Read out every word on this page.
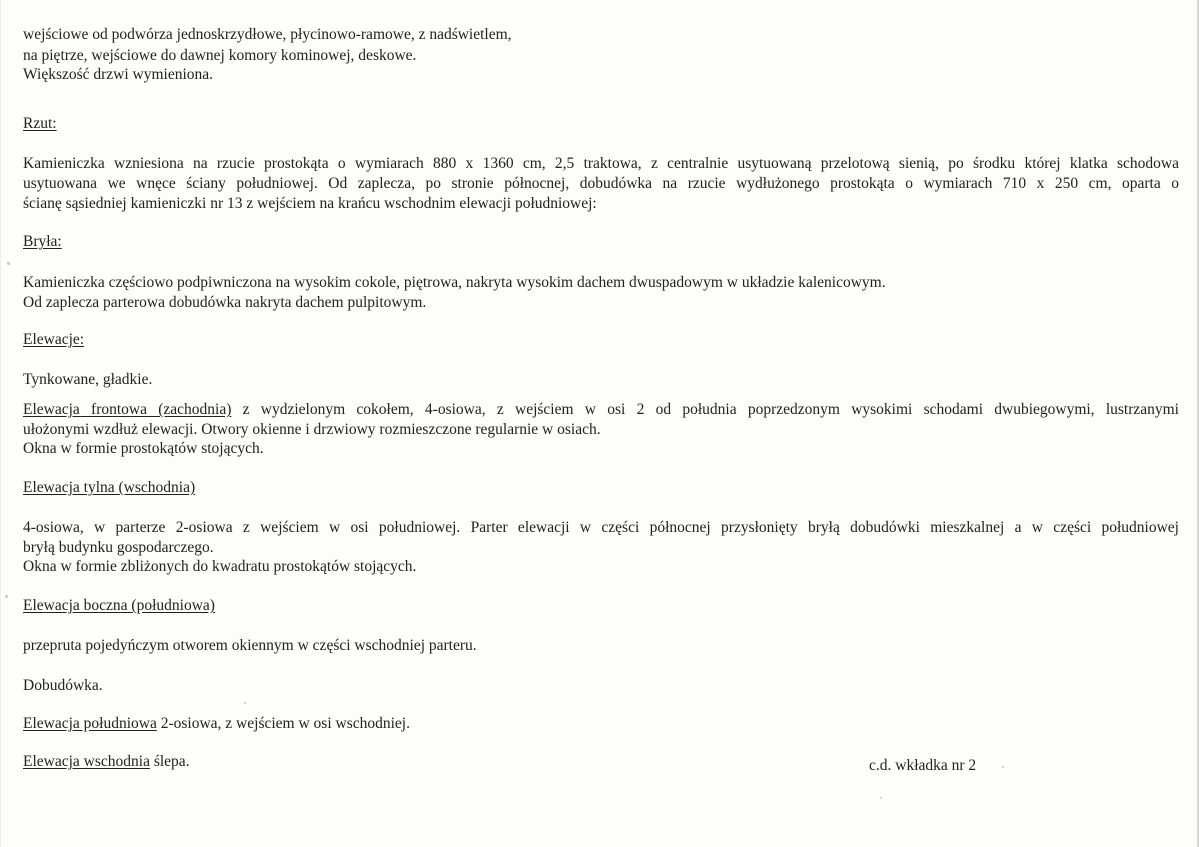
wejściowe od podwórza jednoskrzydłowe, płycinowo-ramowe, z nadświetlem,
na piętrze, wejściowe do dawnej komory kominowej, deskowe.
Większość drzwi wymieniona.
Rzut:
Kamieniczka wzniesiona na rzucie prostokąta o wymiarach 880 x 1360 cm, 2,5 traktowa, z centralnie usytuowaną przelotową sienią, po środku której klatka schodowa
usytuowana we wnęce ściany południowej. Od zaplecza, po stronie północnej, dobudówka na rzucie wydłużonego prostokąta o wymiarach 710 x 250 cm, oparta o
ścianę sąsiedniej kamieniczki nr 13 z wejściem na krańcu wschodnim elewacji południowej:
Bryła:
Kamieniczka częściowo podpiwniczona na wysokim cokole, piętrowa, nakryta wysokim dachem dwuspadowym w układzie kalenicowym.
Od zaplecza parterowa dobudówka nakryta dachem pulpitowym.
Elewacje:
Tynkowane, gładkie.
Elewacja frontowa (zachodnia) z wydzielonym cokołem, 4-osiowa, z wejściem w osi 2 od południa poprzedzonym wysokimi schodami dwubiegowymi, lustrzanymi
ułożonymi wzdłuż elewacji. Otwory okienne i drzwiowy rozmieszczone regularnie w osiach.
Okna w formie prostokątów stojących.
Elewacja tylna (wschodnia)
4-osiowa, w parterze 2-osiowa z wejściem w osi południowej. Parter elewacji w części północnej przysłonięty bryłą dobudówki mieszkalnej a w części południowej
bryłą budynku gospodarczego.
Okna w formie zbliżonych do kwadratu prostokątów stojących.
Elewacja boczna (południowa)
przepruta pojedyńczym otworem okiennym w części wschodniej parteru.
Dobudówka.
Elewacja południowa 2-osiowa, z wejściem w osi wschodniej.
Elewacja wschodnia ślepa.	c.d. wkładka nr 2
